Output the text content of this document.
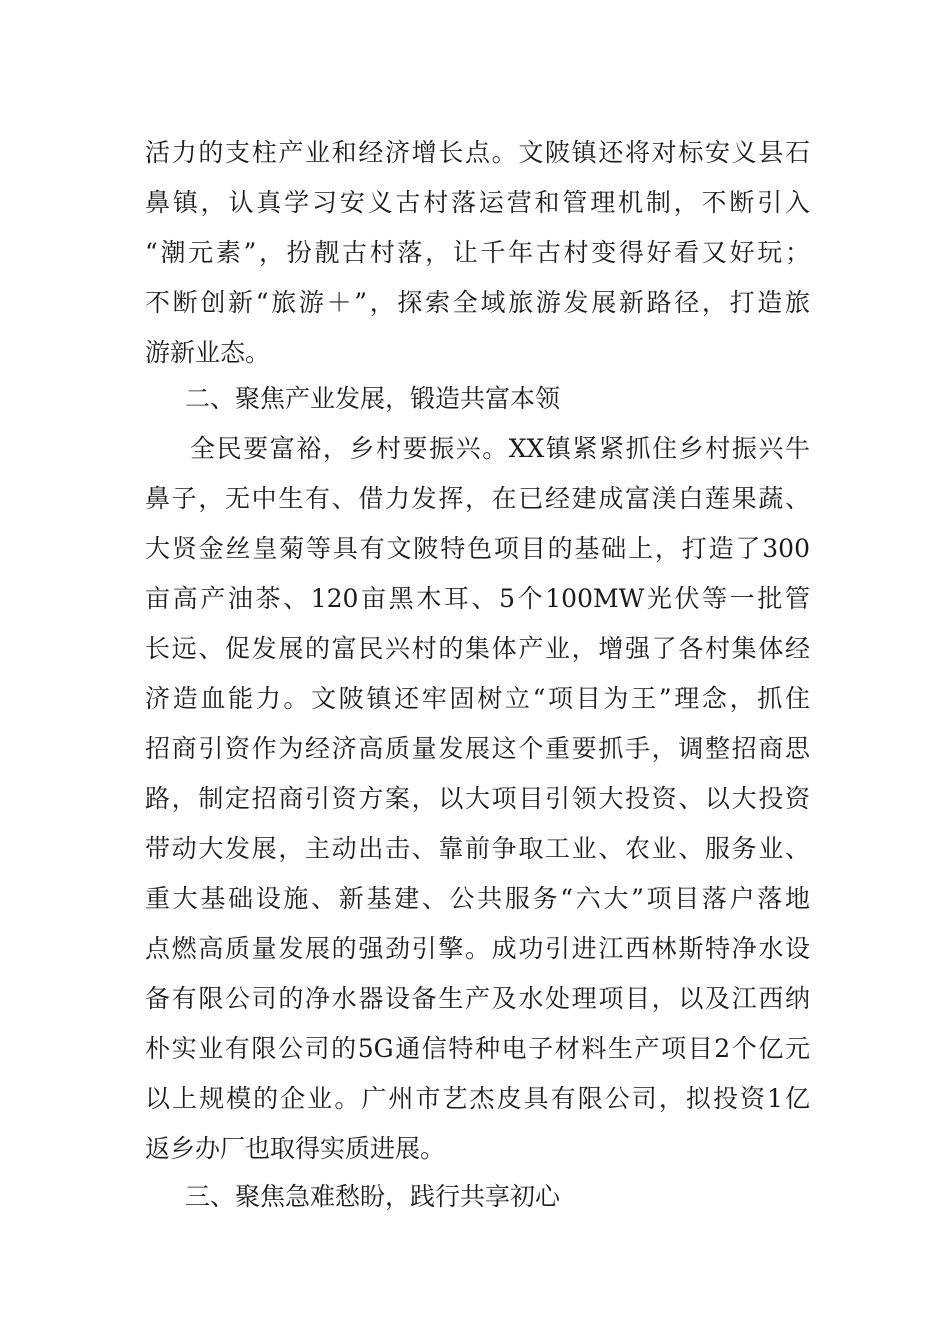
活力的支柱产业和经济增长点。文陂镇还将对标安义县石
鼻镇，认真学习安义古村落运营和管理机制，不断引入
“潮元素”，扮靓古村落，让千年古村变得好看又好玩；
不断创新“旅游＋”，探索全域旅游发展新路径，打造旅
游新业态。
二、聚焦产业发展，锻造共富本领
全民要富裕，乡村要振兴。XX镇紧紧抓住乡村振兴牛
鼻子，无中生有、借力发挥，在已经建成富渼白莲果蔬、
大贤金丝皇菊等具有文陂特色项目的基础上，打造了300
亩高产油茶、120亩黑木耳、5个100MW光伏等一批管
长远、促发展的富民兴村的集体产业，增强了各村集体经
济造血能力。文陂镇还牢固树立“项目为王”理念，抓住
招商引资作为经济高质量发展这个重要抓手，调整招商思
路，制定招商引资方案，以大项目引领大投资、以大投资
带动大发展，主动出击、靠前争取工业、农业、服务业、
重大基础设施、新基建、公共服务“六大”项目落户落地
点燃高质量发展的强劲引擎。成功引进江西林斯特净水设
备有限公司的净水器设备生产及水处理项目，以及江西纳
朴实业有限公司的5G通信特种电子材料生产项目2个亿元
以上规模的企业。广州市艺杰皮具有限公司，拟投资1亿
返乡办厂也取得实质进展。
三、聚焦急难愁盼，践行共享初心
